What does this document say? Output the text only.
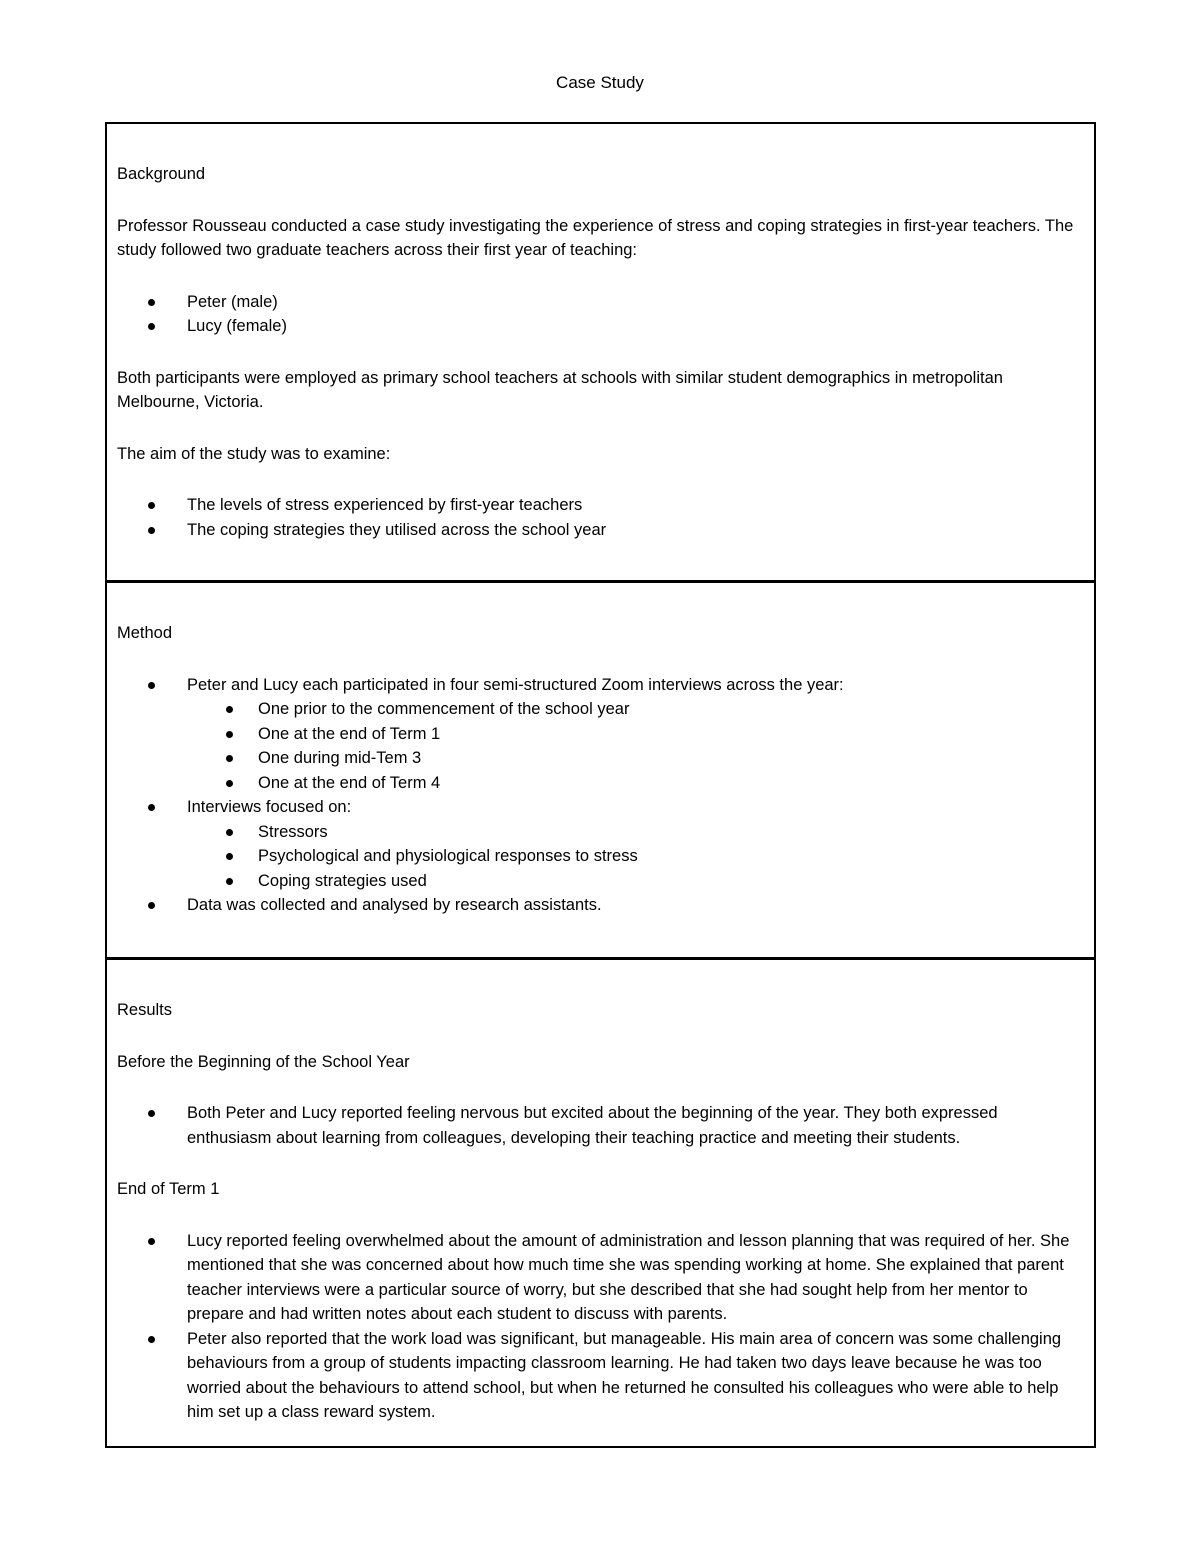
Case Study

Background

Professor Rousseau conducted a case study investigating the experience of stress and coping strategies in first-year teachers. The study followed two graduate teachers across their first year of teaching:

Peter (male)
Lucy (female)

Both participants were employed as primary school teachers at schools with similar student demographics in metropolitan Melbourne, Victoria.

The aim of the study was to examine:

The levels of stress experienced by first-year teachers
The coping strategies they utilised across the school year

Method

Peter and Lucy each participated in four semi-structured Zoom interviews across the year:
One prior to the commencement of the school year
One at the end of Term 1
One during mid-Tem 3
One at the end of Term 4
Interviews focused on:
Stressors
Psychological and physiological responses to stress
Coping strategies used
Data was collected and analysed by research assistants.

Results

Before the Beginning of the School Year

Both Peter and Lucy reported feeling nervous but excited about the beginning of the year. They both expressed enthusiasm about learning from colleagues, developing their teaching practice and meeting their students.

End of Term 1

Lucy reported feeling overwhelmed about the amount of administration and lesson planning that was required of her. She mentioned that she was concerned about how much time she was spending working at home. She explained that parent teacher interviews were a particular source of worry, but she described that she had sought help from her mentor to prepare and had written notes about each student to discuss with parents.
Peter also reported that the work load was significant, but manageable. His main area of concern was some challenging behaviours from a group of students impacting classroom learning. He had taken two days leave because he was too worried about the behaviours to attend school, but when he returned he consulted his colleagues who were able to help him set up a class reward system.
